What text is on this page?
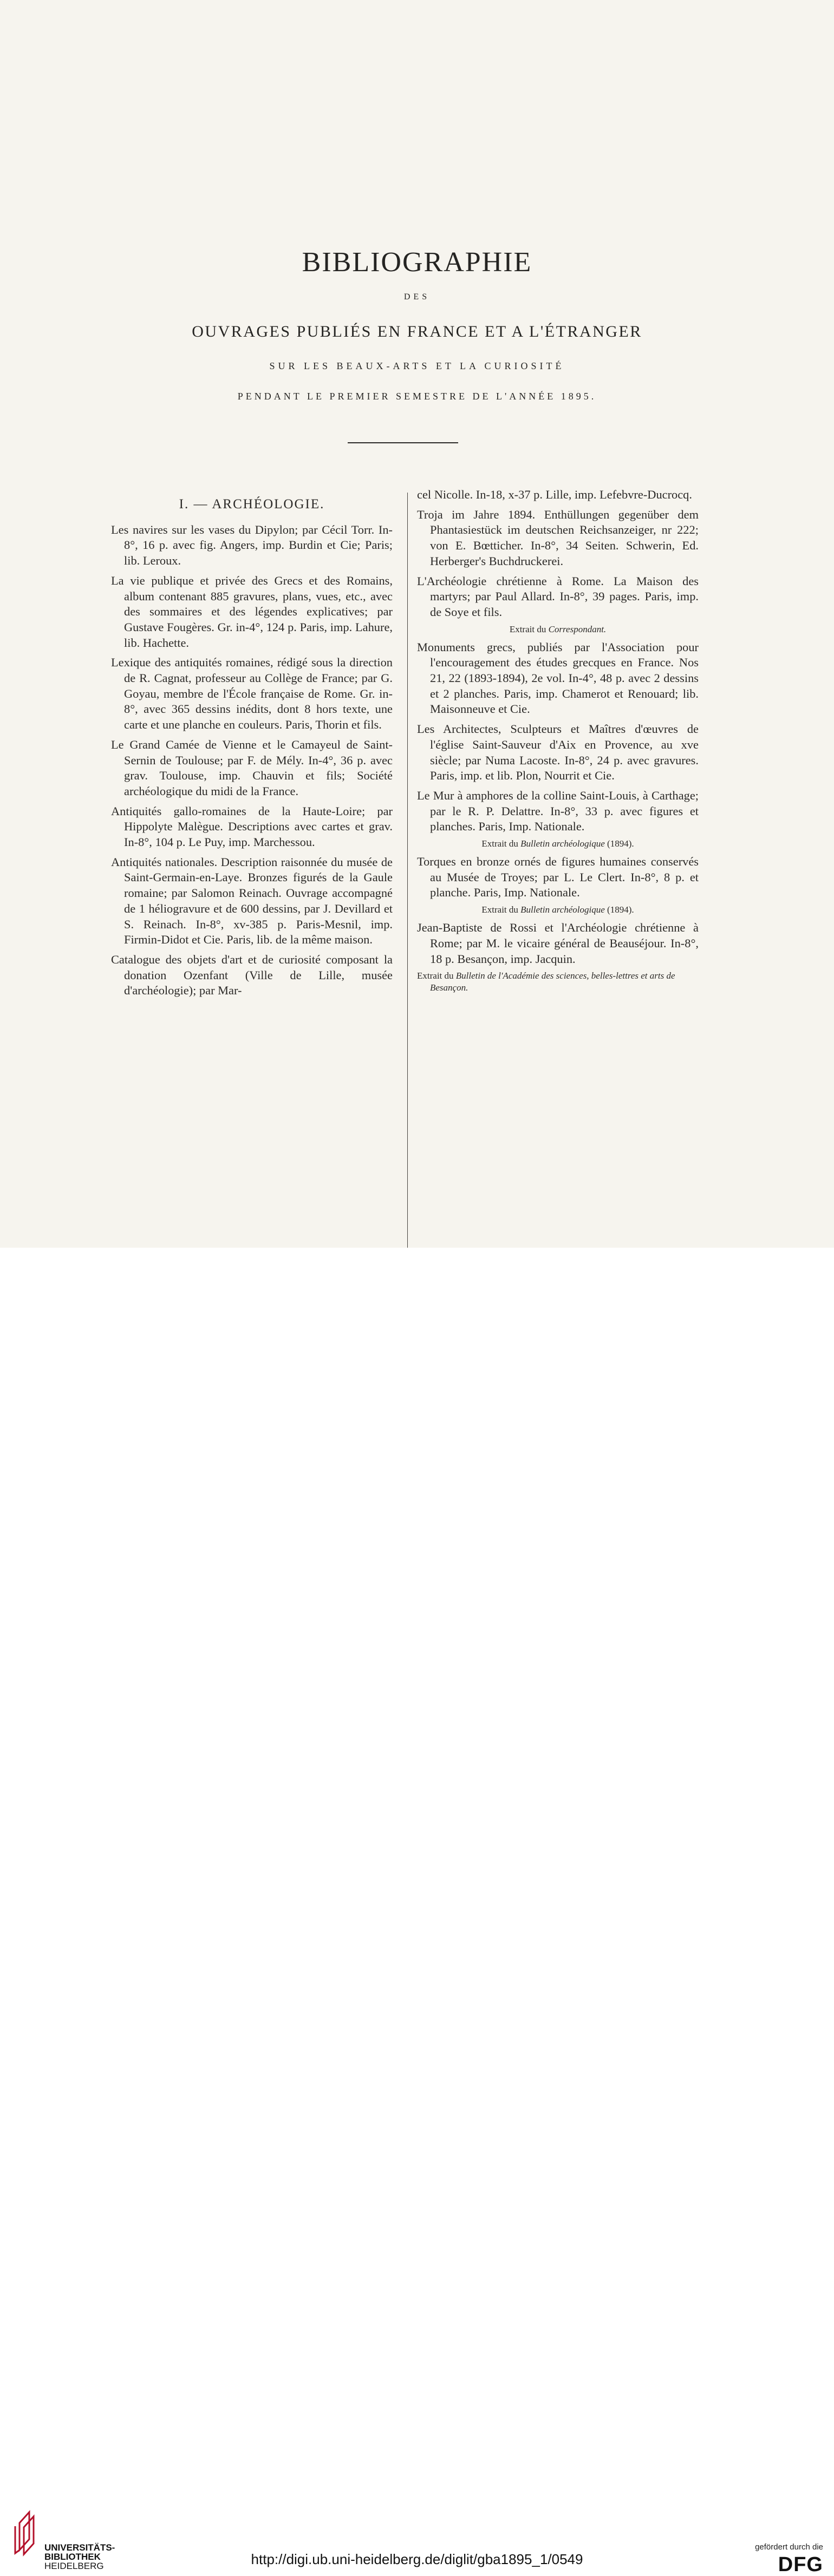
BIBLIOGRAPHIE
DES
OUVRAGES PUBLIÉS EN FRANCE ET A L'ÉTRANGER
SUR LES BEAUX-ARTS ET LA CURIOSITÉ
PENDANT LE PREMIER SEMESTRE DE L'ANNÉE 1895.
I. — ARCHÉOLOGIE.

Les navires sur les vases du Dipylon; par Cécil Torr. In-8°, 16 p. avec fig. Angers, imp. Burdin et Cie; Paris; lib. Leroux.

La vie publique et privée des Grecs et des Romains, album contenant 885 gravures, plans, vues, etc., avec des sommaires et des légendes explicatives; par Gustave Fougères. Gr. in-4°, 124 p. Paris, imp. Lahure, lib. Hachette.

Lexique des antiquités romaines, rédigé sous la direction de R. Cagnat, professeur au Collège de France; par G. Goyau, membre de l'École française de Rome. Gr. in-8°, avec 365 dessins inédits, dont 8 hors texte, une carte et une planche en couleurs. Paris, Thorin et fils.

Le Grand Camée de Vienne et le Camayeul de Saint-Sernin de Toulouse; par F. de Mély. In-4°, 36 p. avec grav. Toulouse, imp. Chauvin et fils; Société archéologique du midi de la France.

Antiquités gallo-romaines de la Haute-Loire; par Hippolyte Malègue. Descriptions avec cartes et grav. In-8°, 104 p. Le Puy, imp. Marchessou.

Antiquités nationales. Description raisonnée du musée de Saint-Germain-en-Laye. Bronzes figurés de la Gaule romaine; par Salomon Reinach. Ouvrage accompagné de 1 héliogravure et de 600 dessins, par J. Devillard et S. Reinach. In-8°, xv-385 p. Paris-Mesnil, imp. Firmin-Didot et Cie. Paris, lib. de la même maison.

Catalogue des objets d'art et de curiosité composant la donation Ozenfant (Ville de Lille, musée d'archéologie); par Mar-

cel Nicolle. In-18, x-37 p. Lille, imp. Lefebvre-Ducrocq.

Troja im Jahre 1894. Enthüllungen gegenüber dem Phantasiestück im deutschen Reichsanzeiger, nr 222; von E. Bœtticher. In-8°, 34 Seiten. Schwerin, Ed. Herberger's Buchdruckerei.

L'Archéologie chrétienne à Rome. La Maison des martyrs; par Paul Allard. In-8°, 39 pages. Paris, imp. de Soye et fils.

Extrait du Correspondant.

Monuments grecs, publiés par l'Association pour l'encouragement des études grecques en France. Nos 21, 22 (1893-1894), 2e vol. In-4°, 48 p. avec 2 dessins et 2 planches. Paris, imp. Chamerot et Renouard; lib. Maisonneuve et Cie.

Les Architectes, Sculpteurs et Maîtres d'œuvres de l'église Saint-Sauveur d'Aix en Provence, au xve siècle; par Numa Lacoste. In-8°, 24 p. avec gravures. Paris, imp. et lib. Plon, Nourrit et Cie.

Le Mur à amphores de la colline Saint-Louis, à Carthage; par le R. P. Delattre. In-8°, 33 p. avec figures et planches. Paris, Imp. Nationale.

Extrait du Bulletin archéologique (1894).

Torques en bronze ornés de figures humaines conservés au Musée de Troyes; par L. Le Clert. In-8°, 8 p. et planche. Paris, Imp. Nationale.

Extrait du Bulletin archéologique (1894).

Jean-Baptiste de Rossi et l'Archéologie chrétienne à Rome; par M. le vicaire général de Beauséjour. In-8°, 18 p. Besançon, imp. Jacquin.

Extrait du Bulletin de l'Académie des sciences, belles-lettres et arts de Besançon.

UNIVERSITÄTS-
BIBLIOTHEK
HEIDELBERG	http://digi.ub.uni-heidelberg.de/diglit/gba1895_1/0549
gefördert durch die
DFG
